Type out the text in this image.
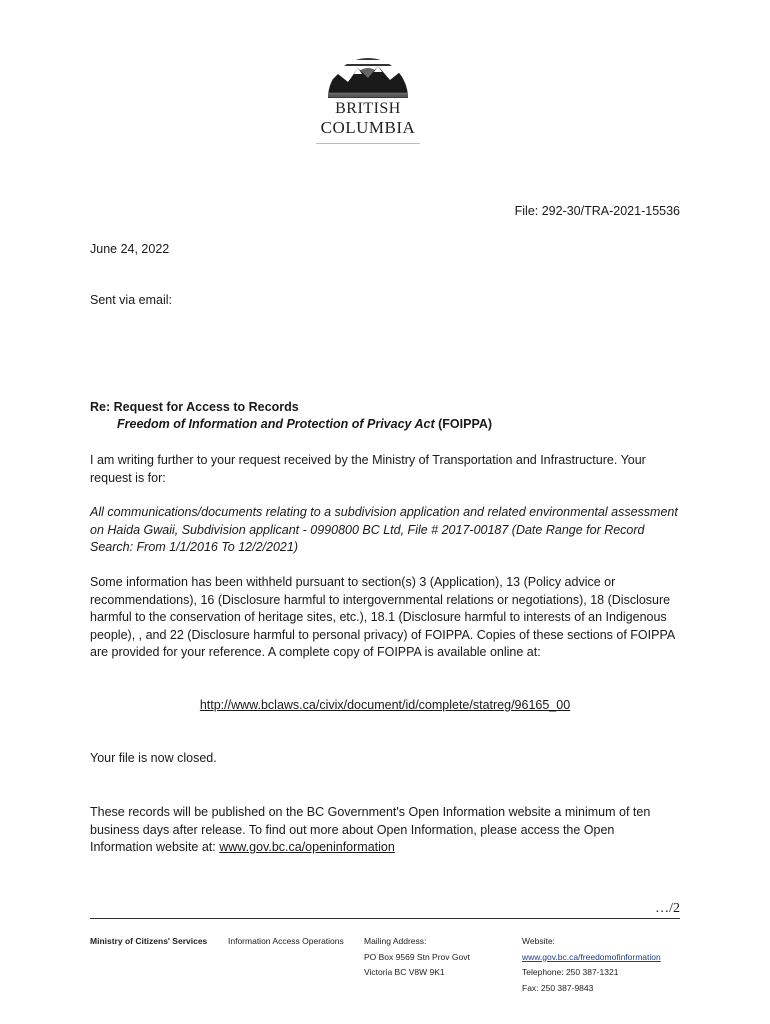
BRITISH
COLUMBIA
File: 292-30/TRA-2021-15536
June 24, 2022
Sent via email:
Re: Request for Access to Records
Freedom of Information and Protection of Privacy Act (FOIPPA)
I am writing further to your request received by the Ministry of Transportation and Infrastructure. Your request is for:
All communications/documents relating to a subdivision application and related environmental assessment on Haida Gwaii, Subdivision applicant - 0990800 BC Ltd, File # 2017-00187 (Date Range for Record Search: From 1/1/2016 To 12/2/2021)
Some information has been withheld pursuant to section(s) 3 (Application), 13 (Policy advice or recommendations), 16 (Disclosure harmful to intergovernmental relations or negotiations), 18 (Disclosure harmful to the conservation of heritage sites, etc.), 18.1 (Disclosure harmful to interests of an Indigenous people), , and 22 (Disclosure harmful to personal privacy) of FOIPPA. Copies of these sections of FOIPPA are provided for your reference. A complete copy of FOIPPA is available online at:
http://www.bclaws.ca/civix/document/id/complete/statreg/96165_00
Your file is now closed.
These records will be published on the BC Government's Open Information website a minimum of ten business days after release. To find out more about Open Information, please access the Open Information website at: www.gov.bc.ca/openinformation
…/2
Ministry of Citizens' Services Information Access Operations Mailing Address:
PO Box 9569 Stn Prov Govt
Victoria BC V8W 9K1
Website:
www.gov.bc.ca/freedomofinformation
Telephone: 250 387-1321
Fax: 250 387-9843
